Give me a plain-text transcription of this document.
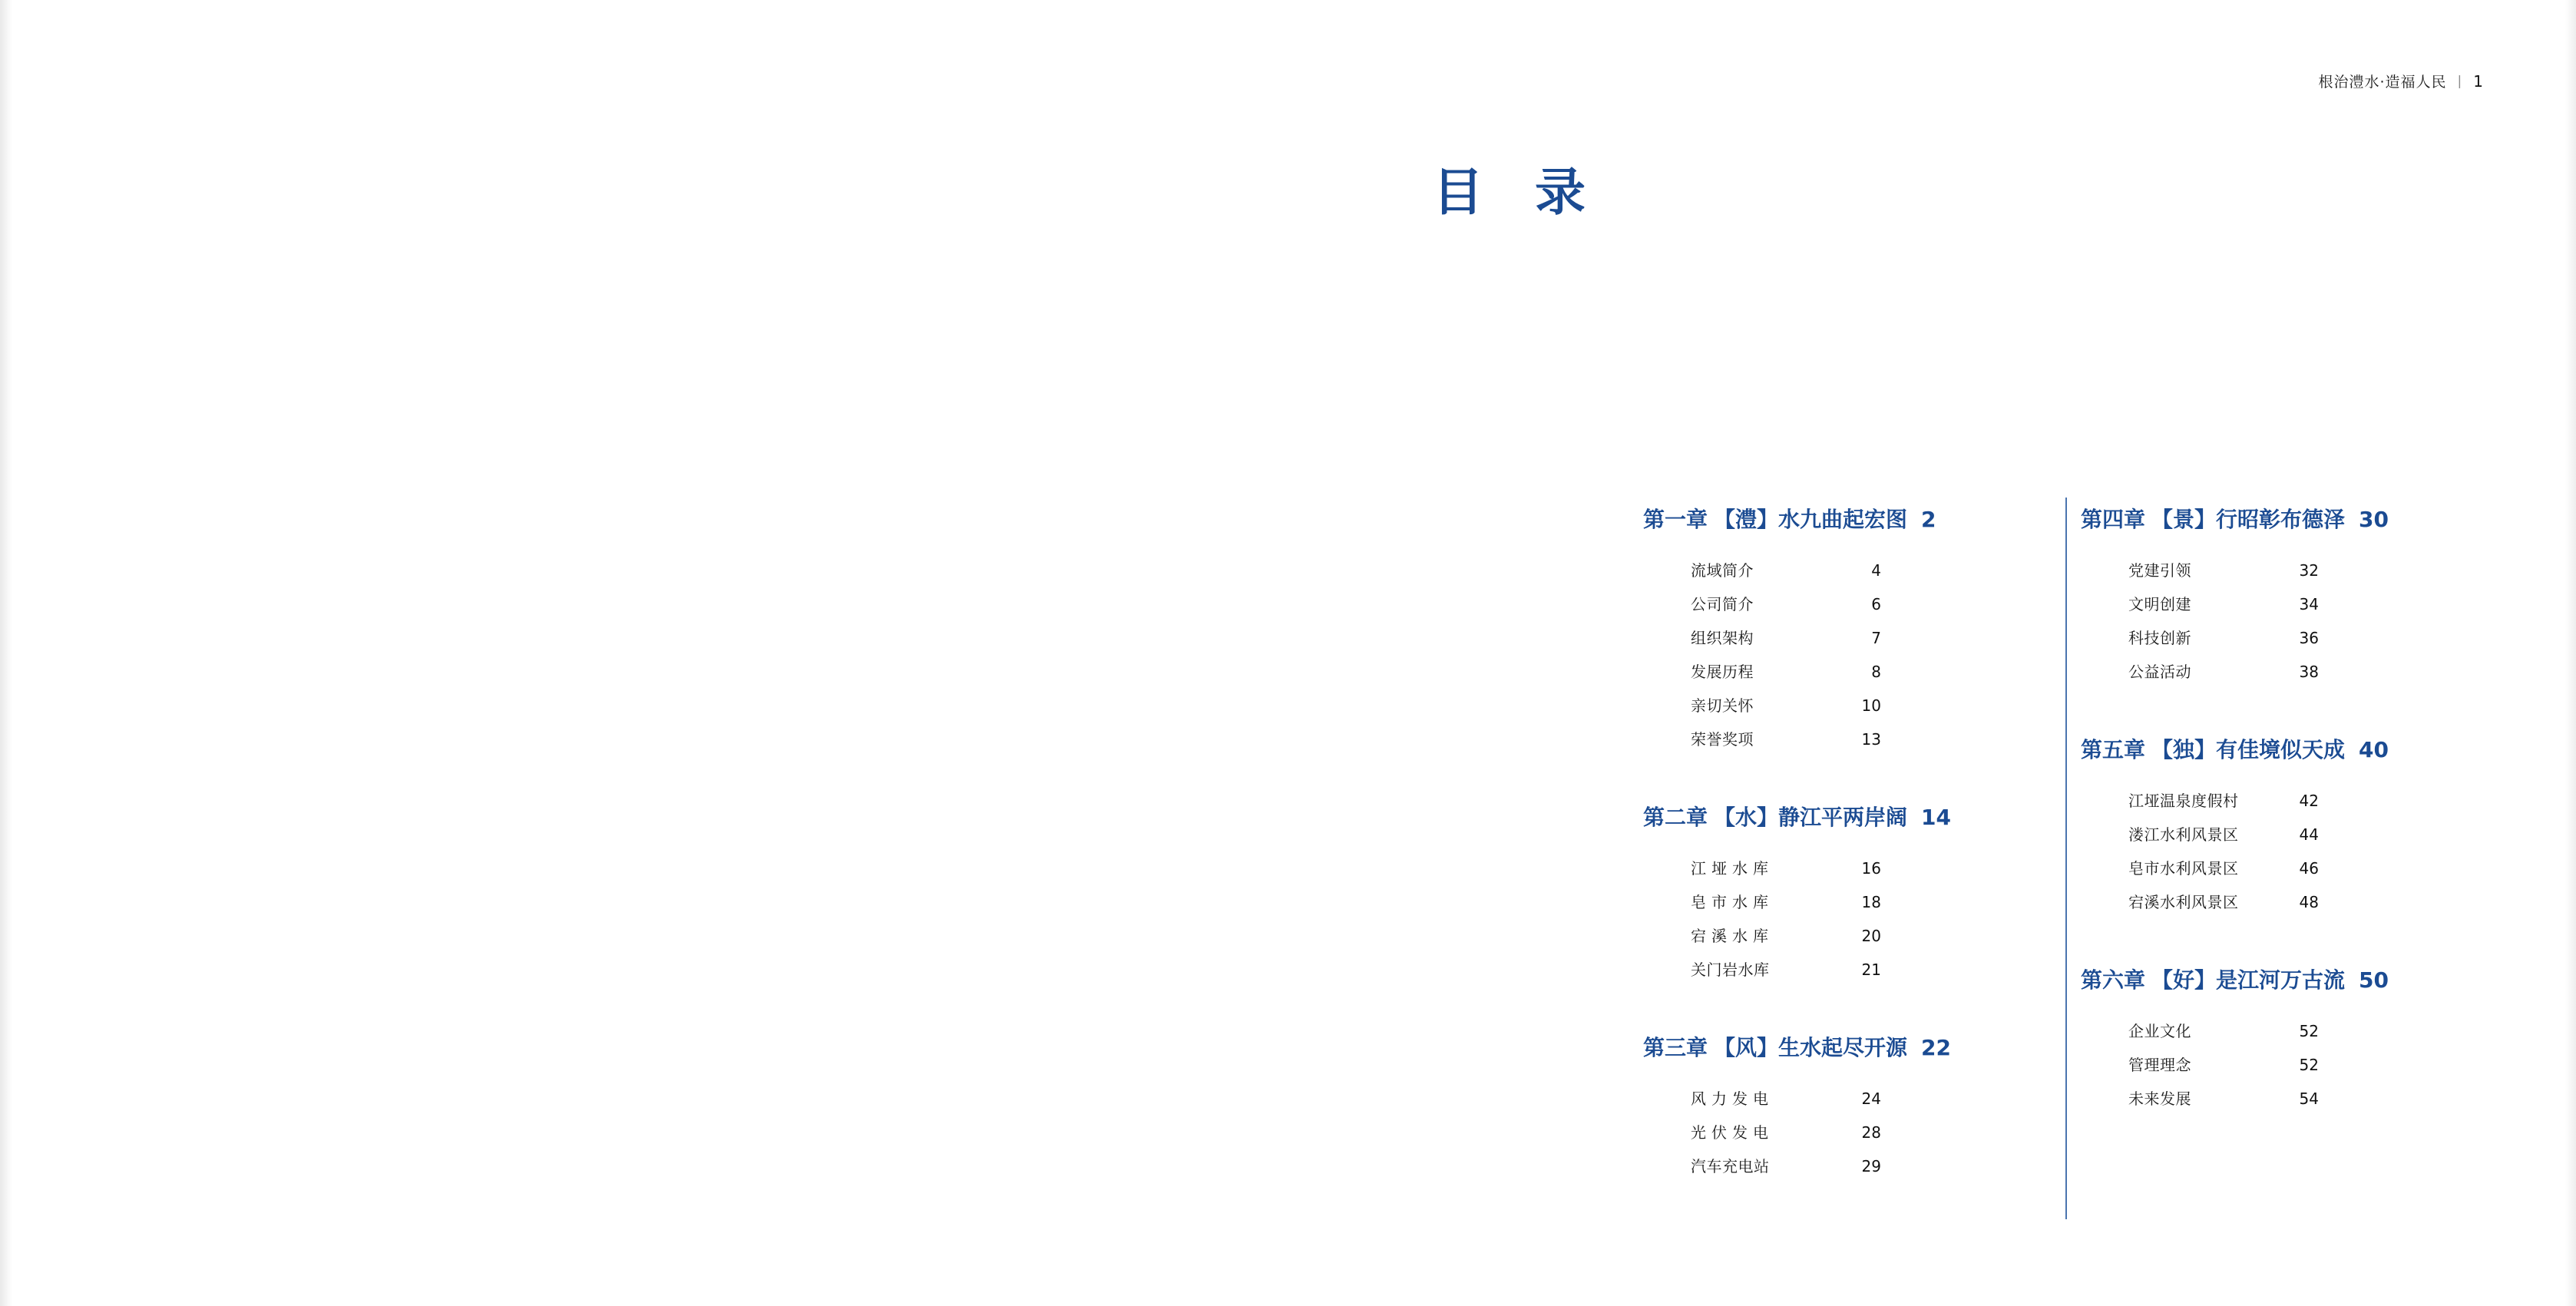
根治澧水·造福人民 | 1
目 录
第一章 【澧】水九曲起宏图 2
流域简介	4
公司简介	6
组织架构	7
发展历程	8
亲切关怀	10
荣誉奖项	13
第二章 【水】静江平两岸阔 14
江垭水库	16
皂市水库	18
宕溪水库	20
关门岩水库	21
第三章 【风】生水起尽开源 22
风力发电	24
光伏发电	28
汽车充电站	29
第四章 【景】行昭彰布德泽 30
党建引领	32
文明创建	34
科技创新	36
公益活动	38
第五章 【独】有佳境似天成 40
江垭温泉度假村	42
溇江水利风景区	44
皂市水利风景区	46
宕溪水利风景区	48
第六章 【好】是江河万古流 50
企业文化	52
管理理念	52
未来发展	54
